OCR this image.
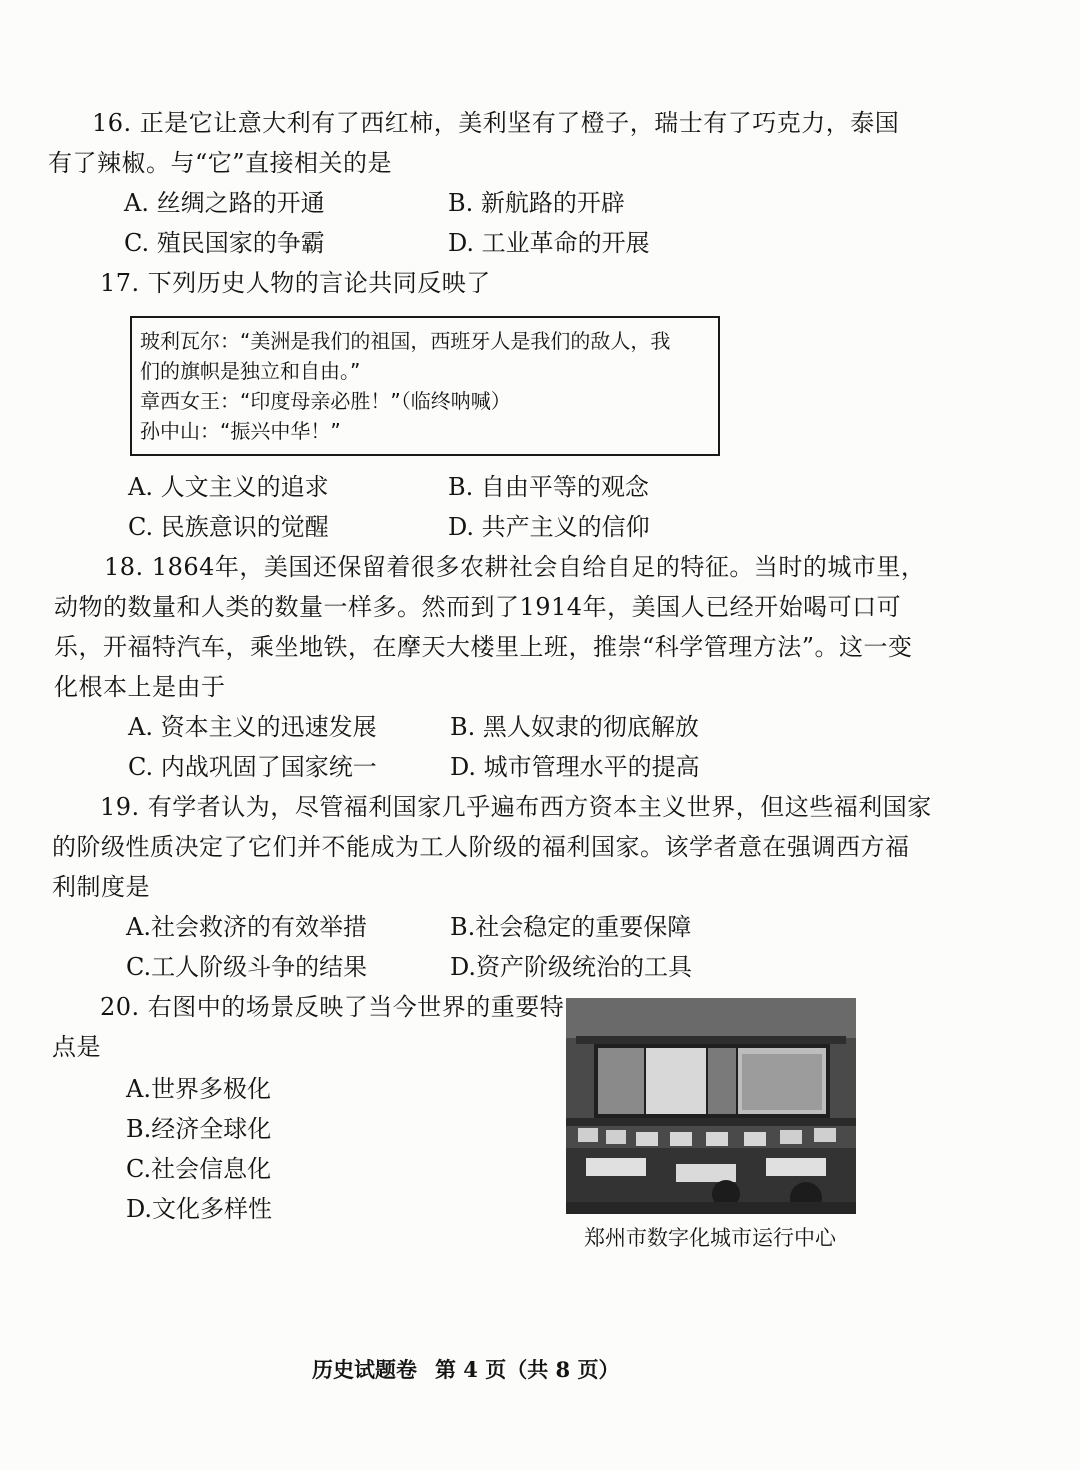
16. 正是它让意大利有了西红柿，美利坚有了橙子，瑞士有了巧克力，泰国
有了辣椒。与“它”直接相关的是
A. 丝绸之路的开通	B. 新航路的开辟
C. 殖民国家的争霸	D. 工业革命的开展
17. 下列历史人物的言论共同反映了
玻利瓦尔：“美洲是我们的祖国，西班牙人是我们的敌人，我
们的旗帜是独立和自由。”
章西女王：“印度母亲必胜！”（临终呐喊）
孙中山：“振兴中华！”
A. 人文主义的追求	B. 自由平等的观念
C. 民族意识的觉醒	D. 共产主义的信仰
18. 1864年，美国还保留着很多农耕社会自给自足的特征。当时的城市里，
动物的数量和人类的数量一样多。然而到了1914年，美国人已经开始喝可口可
乐，开福特汽车，乘坐地铁，在摩天大楼里上班，推崇“科学管理方法”。这一变
化根本上是由于
A. 资本主义的迅速发展	B. 黑人奴隶的彻底解放
C. 内战巩固了国家统一	D. 城市管理水平的提高
19. 有学者认为，尽管福利国家几乎遍布西方资本主义世界，但这些福利国家
的阶级性质决定了它们并不能成为工人阶级的福利国家。该学者意在强调西方福
利制度是
A.社会救济的有效举措	B.社会稳定的重要保障
C.工人阶级斗争的结果	D.资产阶级统治的工具
20. 右图中的场景反映了当今世界的重要特
点是
A.世界多极化
B.经济全球化
C.社会信息化
D.文化多样性
郑州市数字化城市运行中心
历史试题卷 第 4 页（共 8 页）
